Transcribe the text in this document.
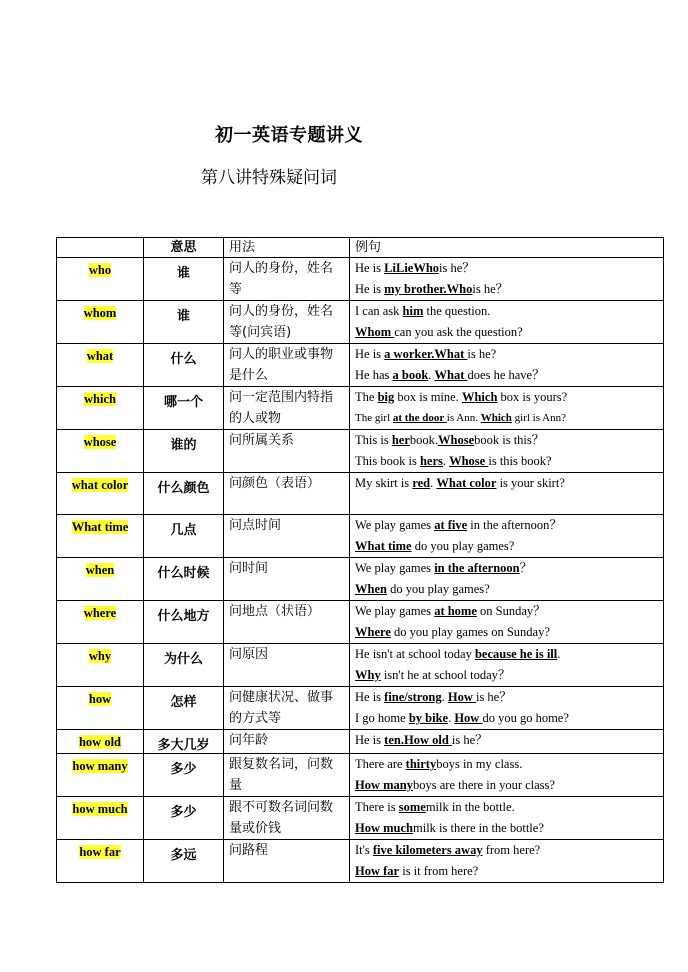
初一英语专题讲义
第八讲特殊疑问词
	意思	用法	例句
who	谁	问人的身份，姓名等	He is LiLieWhois he？
He is my brother.Whois he？

whom	谁	问人的身份，姓名等(问宾语)	I can ask him the question.
Whom can you ask the question?

what	什么	问人的职业或事物是什么	He is a worker.What is he?
He has a book. What does he have？

which	哪一个	问一定范围内特指的人或物	The big box is mine. Which box is yours?
The girl at the door is Ann. Which girl is Ann?

whose	谁的	问所属关系	This is herbook.Whosebook is this？
This book is hers. Whose is this book?

what color	什么颜色	问颜色（表语）	My skirt is red. What color is your skirt?

What time	几点	问点时间	We play games at five in the afternoon？
What time do you play games?

when	什么时候	问时间	We play games in the afternoon？
When do you play games?

where	什么地方	问地点（状语）	We play games at home on Sunday？
Where do you play games on Sunday?

why	为什么	问原因	He isn't at school today because he is ill.
Why isn't he at school today？

how	怎样	问健康状况、做事的方式等	He is fine/strong. How is he？
I go home by bike. How do you go home?

how old	多大几岁	问年龄	He is ten.How old is he？

how many	多少	跟复数名词，问数量	There are thirtyboys in my class.
How manyboys are there in your class?

how much	多少	跟不可数名词问数量或价钱	There is somemilk in the bottle.
How muchmilk is there in the bottle?

how far	多远	问路程	It's five kilometers away from here?
How far is it from here?
